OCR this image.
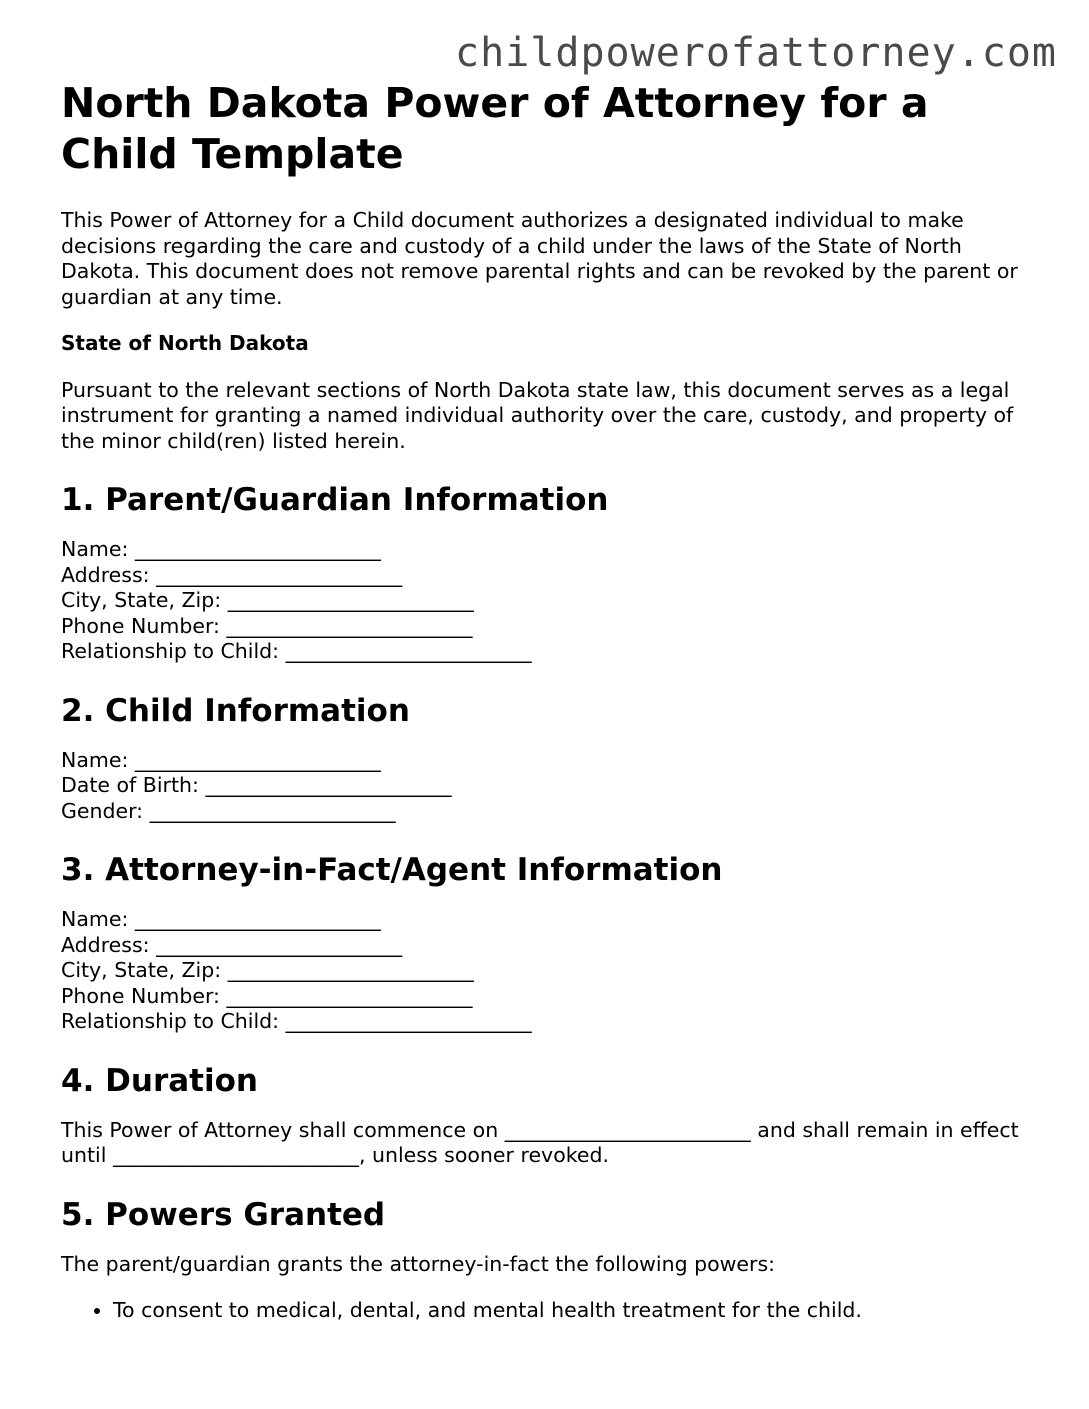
childpowerofattorney.com
North Dakota Power of Attorney for a Child Template

This Power of Attorney for a Child document authorizes a designated individual to make decisions regarding the care and custody of a child under the laws of the State of North Dakota. This document does not remove parental rights and can be revoked by the parent or guardian at any time.

State of North Dakota

Pursuant to the relevant sections of North Dakota state law, this document serves as a legal instrument for granting a named individual authority over the care, custody, and property of the minor child(ren) listed herein.

1. Parent/Guardian Information
Name: ________________________
Address: ________________________
City, State, Zip: ________________________
Phone Number: ________________________
Relationship to Child: ________________________
2. Child Information
Name: ________________________
Date of Birth: ________________________
Gender: ________________________
3. Attorney-in-Fact/Agent Information
Name: ________________________
Address: ________________________
City, State, Zip: ________________________
Phone Number: ________________________
Relationship to Child: ________________________
4. Duration

This Power of Attorney shall commence on ________________________ and shall remain in effect until ________________________, unless sooner revoked.

5. Powers Granted

The parent/guardian grants the attorney-in-fact the following powers:

• To consent to medical, dental, and mental health treatment for the child.
